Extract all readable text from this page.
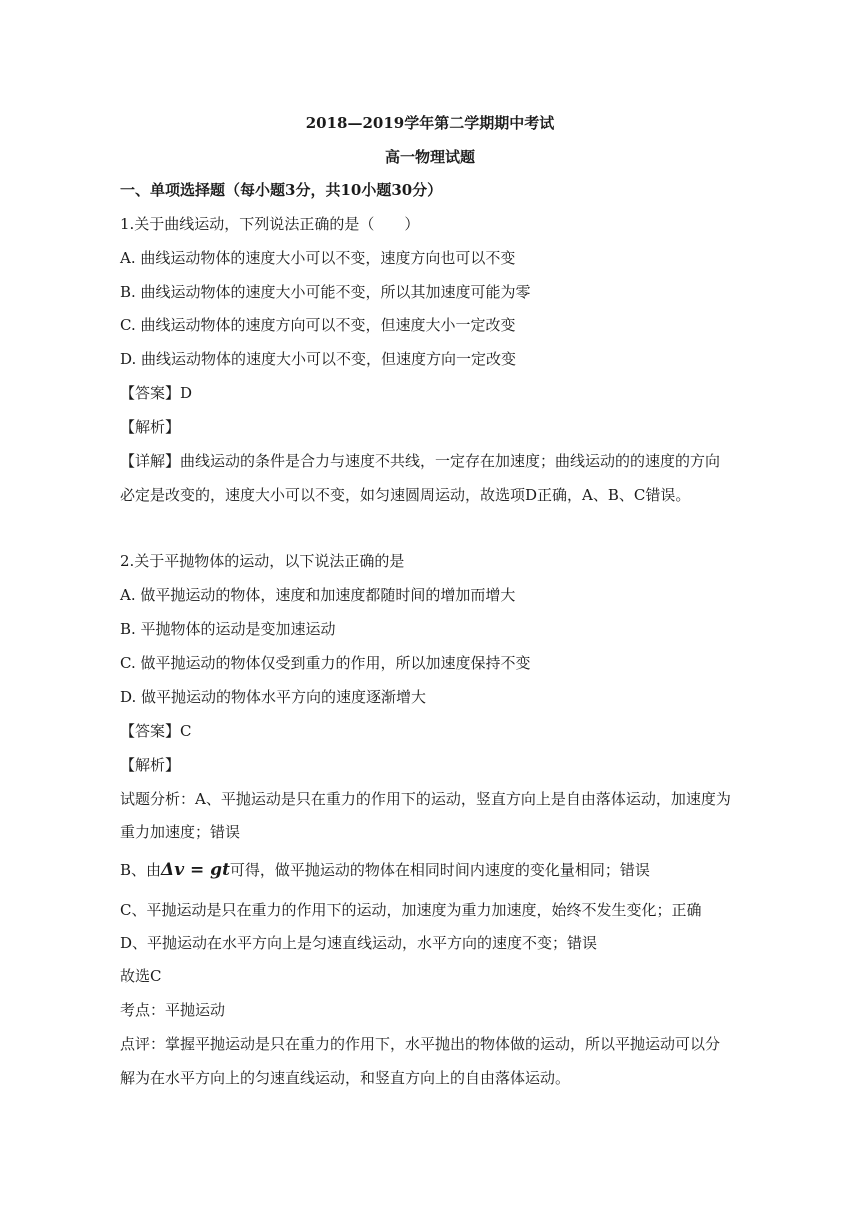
2018—2019学年第二学期期中考试
高一物理试题
一、单项选择题（每小题3分，共10小题30分）
1.关于曲线运动，下列说法正确的是（　　）
A. 曲线运动物体的速度大小可以不变，速度方向也可以不变
B. 曲线运动物体的速度大小可能不变，所以其加速度可能为零
C. 曲线运动物体的速度方向可以不变，但速度大小一定改变
D. 曲线运动物体的速度大小可以不变，但速度方向一定改变
【答案】D
【解析】
【详解】曲线运动的条件是合力与速度不共线，一定存在加速度；曲线运动的的速度的方向
必定是改变的，速度大小可以不变，如匀速圆周运动，故选项D正确，A、B、C错误。
2.关于平抛物体的运动，以下说法正确的是
A. 做平抛运动的物体，速度和加速度都随时间的增加而增大
B. 平抛物体的运动是变加速运动
C. 做平抛运动的物体仅受到重力的作用，所以加速度保持不变
D. 做平抛运动的物体水平方向的速度逐渐增大
【答案】C
【解析】
试题分析：A、平抛运动是只在重力的作用下的运动，竖直方向上是自由落体运动，加速度为
重力加速度；错误
B、由Δv = gt可得，做平抛运动的物体在相同时间内速度的变化量相同；错误
C、平抛运动是只在重力的作用下的运动，加速度为重力加速度，始终不发生变化；正确
D、平抛运动在水平方向上是匀速直线运动，水平方向的速度不变；错误
故选C
考点：平抛运动
点评：掌握平抛运动是只在重力的作用下，水平抛出的物体做的运动，所以平抛运动可以分
解为在水平方向上的匀速直线运动，和竖直方向上的自由落体运动。
